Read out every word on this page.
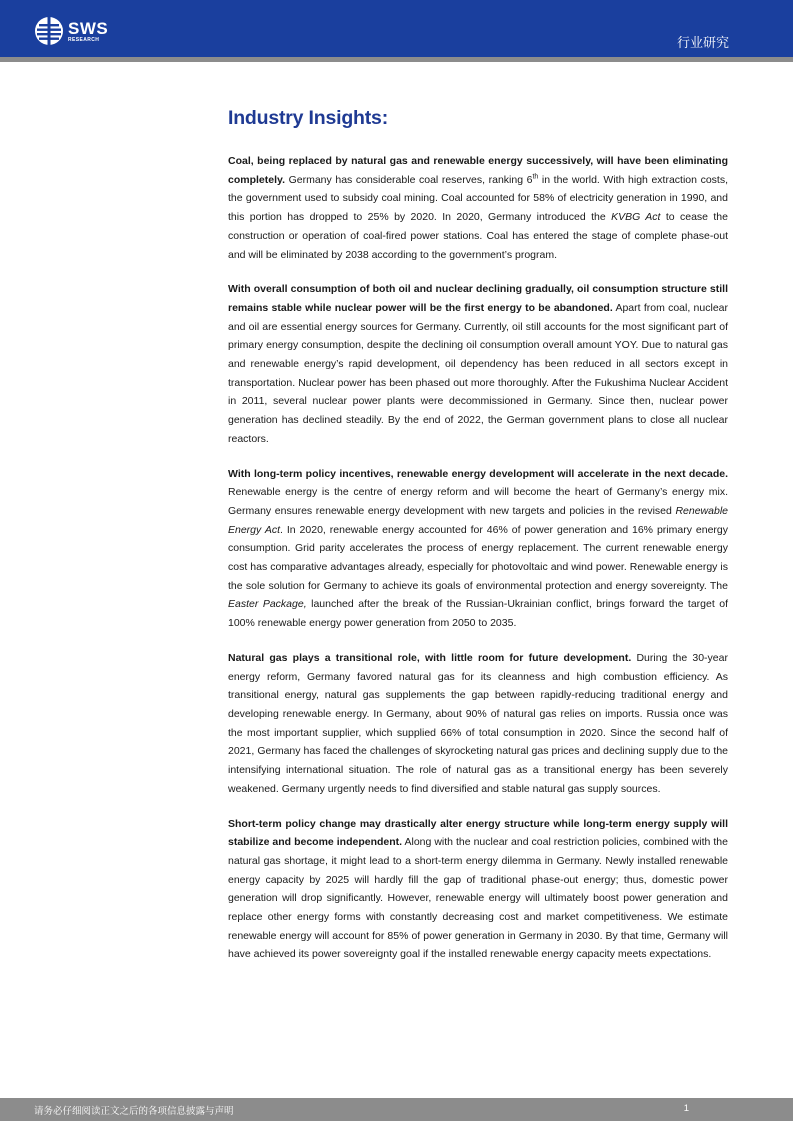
SWS
RESEARCH	行业研究
Industry Insights:

Coal, being replaced by natural gas and renewable energy successively, will have been eliminating completely. Germany has considerable coal reserves, ranking 6th in the world. With high extraction costs, the government used to subsidy coal mining. Coal accounted for 58% of electricity generation in 1990, and this portion has dropped to 25% by 2020. In 2020, Germany introduced the KVBG Act to cease the construction or operation of coal-fired power stations. Coal has entered the stage of complete phase-out and will be eliminated by 2038 according to the government’s program.

With overall consumption of both oil and nuclear declining gradually, oil consumption structure still remains stable while nuclear power will be the first energy to be abandoned. Apart from coal, nuclear and oil are essential energy sources for Germany. Currently, oil still accounts for the most significant part of primary energy consumption, despite the declining oil consumption overall amount YOY. Due to natural gas and renewable energy’s rapid development, oil dependency has been reduced in all sectors except in transportation. Nuclear power has been phased out more thoroughly. After the Fukushima Nuclear Accident in 2011, several nuclear power plants were decommissioned in Germany. Since then, nuclear power generation has declined steadily. By the end of 2022, the German government plans to close all nuclear reactors.

With long-term policy incentives, renewable energy development will accelerate in the next decade. Renewable energy is the centre of energy reform and will become the heart of Germany’s energy mix. Germany ensures renewable energy development with new targets and policies in the revised Renewable Energy Act. In 2020, renewable energy accounted for 46% of power generation and 16% primary energy consumption. Grid parity accelerates the process of energy replacement. The current renewable energy cost has comparative advantages already, especially for photovoltaic and wind power. Renewable energy is the sole solution for Germany to achieve its goals of environmental protection and energy sovereignty. The Easter Package, launched after the break of the Russian-Ukrainian conflict, brings forward the target of 100% renewable energy power generation from 2050 to 2035.

Natural gas plays a transitional role, with little room for future development. During the 30-year energy reform, Germany favored natural gas for its cleanness and high combustion efficiency. As transitional energy, natural gas supplements the gap between rapidly-reducing traditional energy and developing renewable energy. In Germany, about 90% of natural gas relies on imports. Russia once was the most important supplier, which supplied 66% of total consumption in 2020. Since the second half of 2021, Germany has faced the challenges of skyrocketing natural gas prices and declining supply due to the intensifying international situation. The role of natural gas as a transitional energy has been severely weakened. Germany urgently needs to find diversified and stable natural gas supply sources.

Short-term policy change may drastically alter energy structure while long-term energy supply will stabilize and become independent. Along with the nuclear and coal restriction policies, combined with the natural gas shortage, it might lead to a short-term energy dilemma in Germany. Newly installed renewable energy capacity by 2025 will hardly fill the gap of traditional phase-out energy; thus, domestic power generation will drop significantly. However, renewable energy will ultimately boost power generation and replace other energy forms with constantly decreasing cost and market competitiveness. We estimate renewable energy will account for 85% of power generation in Germany in 2030. By that time, Germany will have achieved its power sovereignty goal if the installed renewable energy capacity meets expectations.

请务必仔细阅读正文之后的各项信息披露与声明	1
